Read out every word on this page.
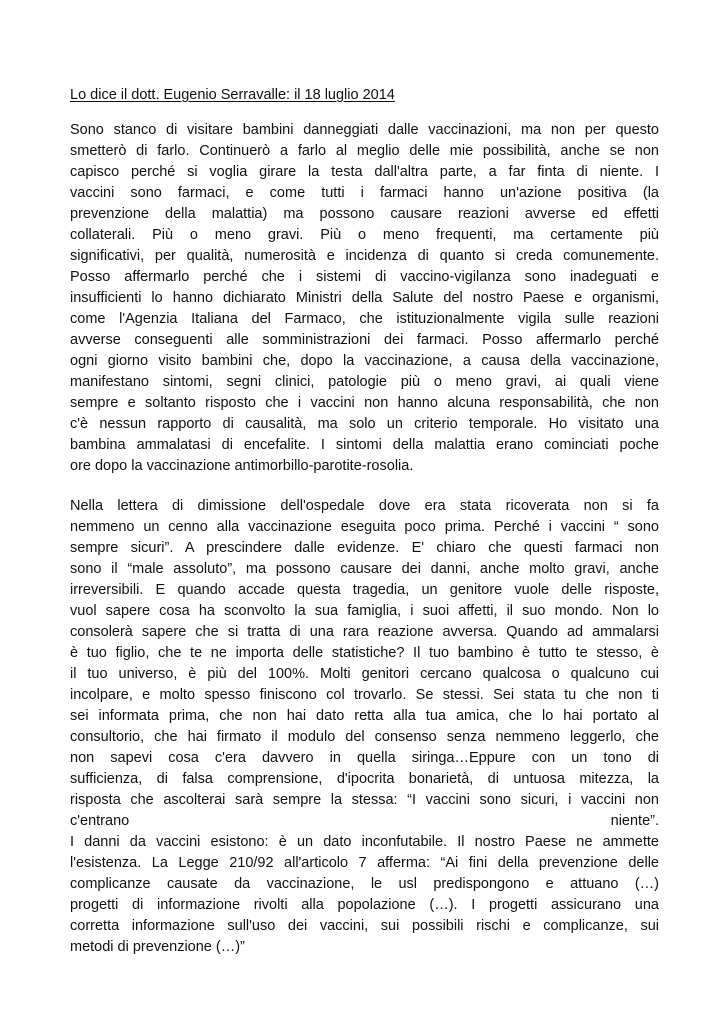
Lo dice il dott. Eugenio Serravalle: il 18 luglio 2014
Sono stanco di visitare bambini danneggiati dalle vaccinazioni, ma non per questo
smetterò di farlo. Continuerò a farlo al meglio delle mie possibilità, anche se non
capisco perché si voglia girare la testa dall'altra parte, a far finta di niente. I
vaccini sono farmaci, e come tutti i farmaci hanno un'azione positiva (la
prevenzione della malattia) ma possono causare reazioni avverse ed effetti
collaterali. Più o meno gravi. Più o meno frequenti, ma certamente più
significativi, per qualità, numerosità e incidenza di quanto si creda comunemente.
Posso affermarlo perché che i sistemi di vaccino-vigilanza sono inadeguati e
insufficienti lo hanno dichiarato Ministri della Salute del nostro Paese e organismi,
come l'Agenzia Italiana del Farmaco, che istituzionalmente vigila sulle reazioni
avverse conseguenti alle somministrazioni dei farmaci. Posso affermarlo perché
ogni giorno visito bambini che, dopo la vaccinazione, a causa della vaccinazione,
manifestano sintomi, segni clinici, patologie più o meno gravi, ai quali viene
sempre e soltanto risposto che i vaccini non hanno alcuna responsabilità, che non
c'è nessun rapporto di causalità, ma solo un criterio temporale. Ho visitato una
bambina ammalatasi di encefalite. I sintomi della malattia erano cominciati poche
ore dopo la vaccinazione antimorbillo-parotite-rosolia.
Nella lettera di dimissione dell'ospedale dove era stata ricoverata non si fa
nemmeno un cenno alla vaccinazione eseguita poco prima. Perché i vaccini “ sono
sempre sicuri”. A prescindere dalle evidenze. E' chiaro che questi farmaci non
sono il “male assoluto”, ma possono causare dei danni, anche molto gravi, anche
irreversibili. E quando accade questa tragedia, un genitore vuole delle risposte,
vuol sapere cosa ha sconvolto la sua famiglia, i suoi affetti, il suo mondo. Non lo
consolerà sapere che si tratta di una rara reazione avversa. Quando ad ammalarsi
è tuo figlio, che te ne importa delle statistiche? Il tuo bambino è tutto te stesso, è
il tuo universo, è più del 100%. Molti genitori cercano qualcosa o qualcuno cui
incolpare, e molto spesso finiscono col trovarlo. Se stessi. Sei stata tu che non ti
sei informata prima, che non hai dato retta alla tua amica, che lo hai portato al
consultorio, che hai firmato il modulo del consenso senza nemmeno leggerlo, che
non sapevi cosa c'era davvero in quella siringa…Eppure con un tono di
sufficienza, di falsa comprensione, d'ipocrita bonarietà, di untuosa mitezza, la
risposta che ascolterai sarà sempre la stessa: “I vaccini sono sicuri, i vaccini non
c'entrano	niente”.
I danni da vaccini esistono: è un dato inconfutabile. Il nostro Paese ne ammette
l'esistenza. La Legge 210/92 all'articolo 7 afferma: “Ai fini della prevenzione delle
complicanze causate da vaccinazione, le usl predispongono e attuano (…)
progetti di informazione rivolti alla popolazione (…). I progetti assicurano una
corretta informazione sull'uso dei vaccini, sui possibili rischi e complicanze, sui
metodi di prevenzione (…)”
